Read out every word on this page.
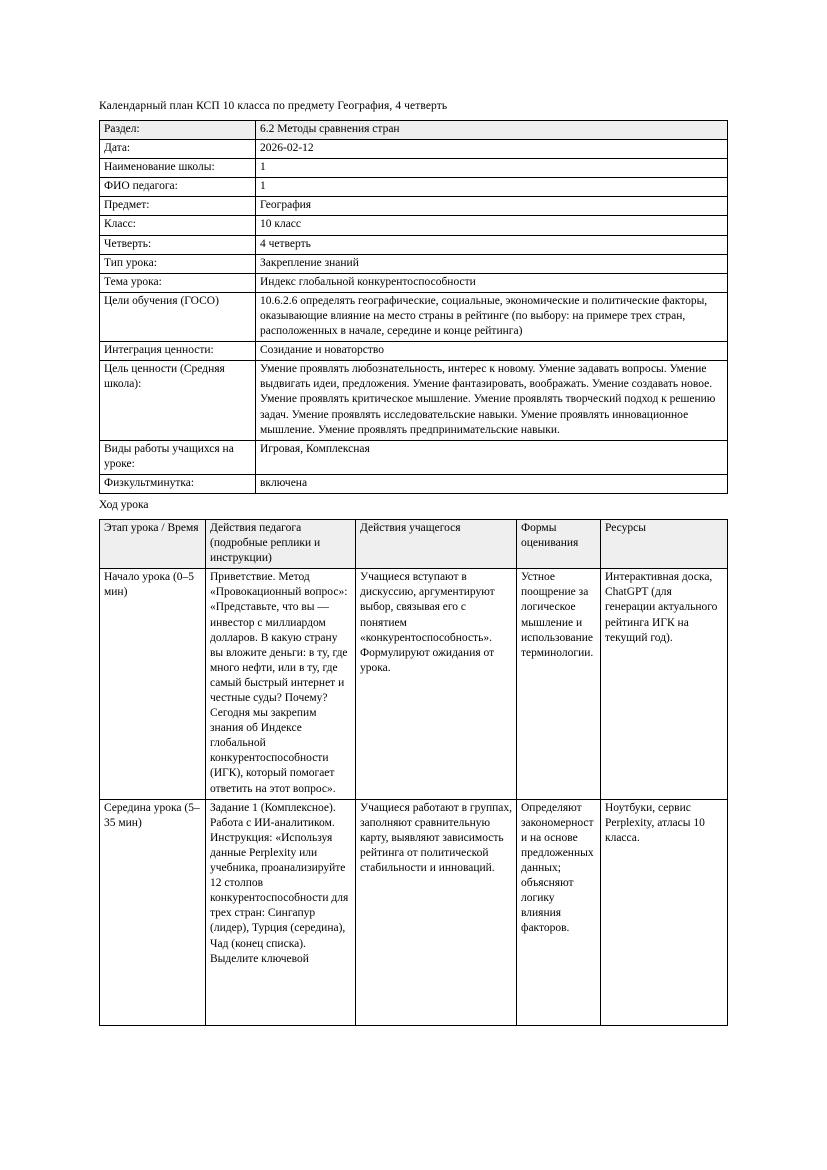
Календарный план КСП 10 класса по предмету География, 4 четверть

Раздел:	6.2 Методы сравнения стран
Дата:	2026-02-12
Наименование школы:	1
ФИО педагога:	1
Предмет:	География
Класс:	10 класс
Четверть:	4 четверть
Тип урока:	Закрепление знаний
Тема урока:	Индекс глобальной конкурентоспособности
Цели обучения (ГОСО)	10.6.2.6 определять географические, социальные, экономические и политические факторы, оказывающие влияние на место страны в рейтинге (по выбору: на примере трех стран, расположенных в начале, середине и конце рейтинга)
Интеграция ценности:	Созидание и новаторство
Цель ценности (Средняя школа):	Умение проявлять любознательность, интерес к новому. Умение задавать вопросы. Умение выдвигать идеи, предложения. Умение фантазировать, воображать. Умение создавать новое. Умение проявлять критическое мышление. Умение проявлять творческий подход к решению задач. Умение проявлять исследовательские навыки. Умение проявлять инновационное мышление. Умение проявлять предпринимательские навыки.
Виды работы учащихся на уроке:	Игровая, Комплексная
Физкультминутка:	включена

Ход урока

Этап урока / Время	Действия педагога (подробные реплики и инструкции)	Действия учащегося	Формы оценивания	Ресурсы
Начало урока (0–5 мин)	Приветствие. Метод «Провокационный вопрос»: «Представьте, что вы — инвестор с миллиардом долларов. В какую страну вы вложите деньги: в ту, где много нефти, или в ту, где самый быстрый интернет и честные суды? Почему? Сегодня мы закрепим знания об Индексе глобальной конкурентоспособности (ИГК), который помогает ответить на этот вопрос».	Учащиеся вступают в дискуссию, аргументируют выбор, связывая его с понятием «конкурентоспособность». Формулируют ожидания от урока.	Устное поощрение за логическое мышление и использование терминологии.	Интерактивная доска, ChatGPT (для генерации актуального рейтинга ИГК на текущий год).

Середина урока (5–35 мин)	Задание 1 (Комплексное). Работа с ИИ-аналитиком. Инструкция: «Используя данные Perplexity или учебника, проанализируйте 12 столпов конкурентоспособности для трех стран: Сингапур (лидер), Турция (середина), Чад (конец списка). Выделите ключевой	Учащиеся работают в группах, заполняют сравнительную карту, выявляют зависимость рейтинга от политической стабильности и инноваций.	Определяют закономерности на основе предложенных данных; объясняют логику влияния факторов.	Ноутбуки, сервис Perplexity, атласы 10 класса.
